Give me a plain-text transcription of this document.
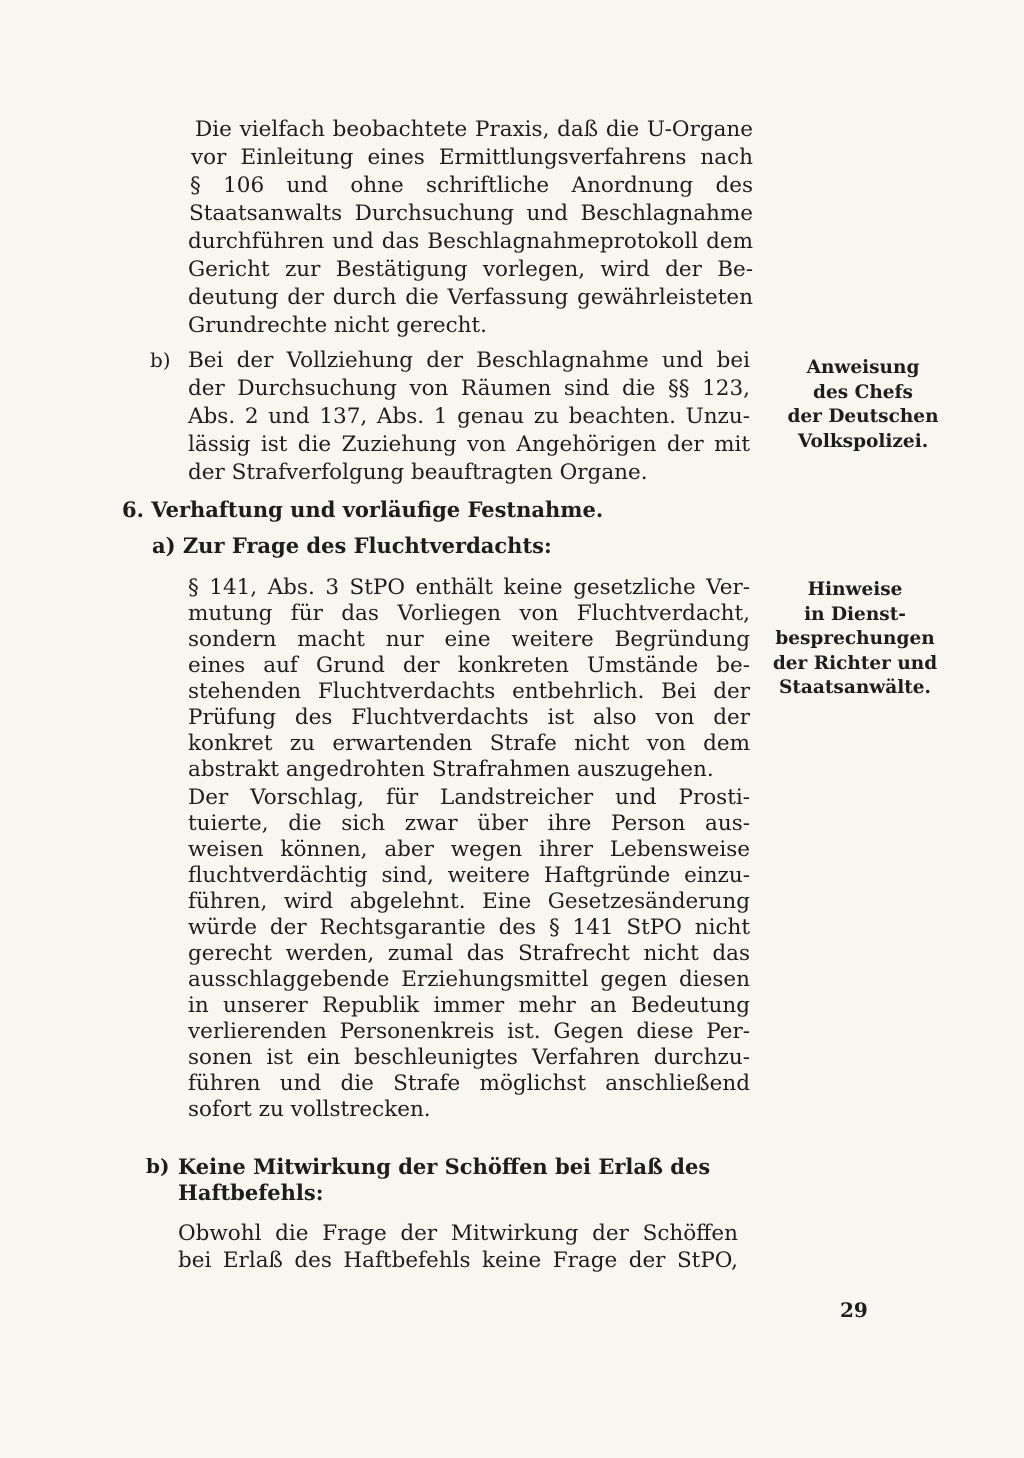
Die vielfach beobachtete Praxis, daß die U-Organe
vor Einleitung eines Ermittlungsverfahrens nach
§ 106 und ohne schriftliche Anordnung des
Staatsanwalts Durchsuchung und Beschlagnahme
durchführen und das Beschlagnahmeprotokoll dem
Gericht zur Bestätigung vorlegen, wird der Be-
deutung der durch die Verfassung gewährleisteten
Grundrechte nicht gerecht.
b) Bei der Vollziehung der Beschlagnahme und bei
der Durchsuchung von Räumen sind die §§ 123,
Abs. 2 und 137, Abs. 1 genau zu beachten. Unzu-
lässig ist die Zuziehung von Angehörigen der mit
der Strafverfolgung beauftragten Organe.
Anweisung
des Chefs
der Deutschen
Volkspolizei.
6. Verhaftung und vorläufige Festnahme.
a) Zur Frage des Fluchtverdachts:
§ 141, Abs. 3 StPO enthält keine gesetzliche Ver-
mutung für das Vorliegen von Fluchtverdacht,
sondern macht nur eine weitere Begründung
eines auf Grund der konkreten Umstände be-
stehenden Fluchtverdachts entbehrlich. Bei der
Prüfung des Fluchtverdachts ist also von der
konkret zu erwartenden Strafe nicht von dem
abstrakt angedrohten Strafrahmen auszugehen.
Der Vorschlag, für Landstreicher und Prosti-
tuierte, die sich zwar über ihre Person aus-
weisen können, aber wegen ihrer Lebensweise
fluchtverdächtig sind, weitere Haftgründe einzu-
führen, wird abgelehnt. Eine Gesetzesänderung
würde der Rechtsgarantie des § 141 StPO nicht
gerecht werden, zumal das Strafrecht nicht das
ausschlaggebende Erziehungsmittel gegen diesen
in unserer Republik immer mehr an Bedeutung
verlierenden Personenkreis ist. Gegen diese Per-
sonen ist ein beschleunigtes Verfahren durchzu-
führen und die Strafe möglichst anschließend
sofort zu vollstrecken.
Hinweise
in Dienst-
besprechungen
der Richter und
Staatsanwälte.
b) Keine Mitwirkung der Schöffen bei Erlaß des
Haftbefehls:
Obwohl die Frage der Mitwirkung der Schöffen
bei Erlaß des Haftbefehls keine Frage der StPO,
29
